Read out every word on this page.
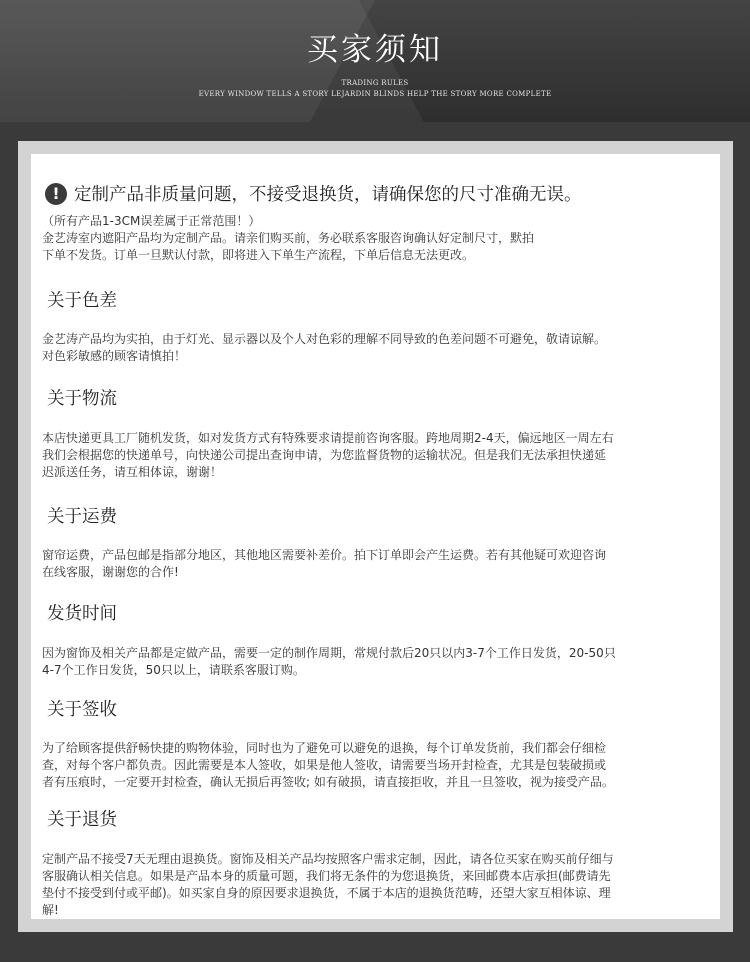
买家须知
TRADING RULES
EVERY WINDOW TELLS A STORY LEJARDIN BLINDS HELP THE STORY MORE COMPLETE
! 定制产品非质量问题，不接受退换货，请确保您的尺寸准确无误。
（所有产品1-3CM误差属于正常范围！）
金艺涛室内遮阳产品均为定制产品。请亲们购买前，务必联系客服咨询确认好定制尺寸，默拍
下单不发货。订单一旦默认付款，即将进入下单生产流程，下单后信息无法更改。
关于色差
金艺涛产品均为实拍，由于灯光、显示器以及个人对色彩的理解不同导致的色差问题不可避免，敬请谅解。
对色彩敏感的顾客请慎拍！
关于物流
本店快递更具工厂随机发货，如对发货方式有特殊要求请提前咨询客服。跨地周期2-4天，偏远地区一周左右
我们会根据您的快递单号，向快递公司提出查询申请，为您监督货物的运输状况。但是我们无法承担快递延
迟派送任务，请互相体谅，谢谢！
关于运费
窗帘运费，产品包邮是指部分地区，其他地区需要补差价。拍下订单即会产生运费。若有其他疑可欢迎咨询
在线客服，谢谢您的合作!
发货时间
因为窗饰及相关产品都是定做产品，需要一定的制作周期，常规付款后20只以内3-7个工作日发货，20-50只
4-7个工作日发货，50只以上，请联系客服订购。
关于签收
为了给顾客提供舒畅快捷的购物体验，同时也为了避免可以避免的退换，每个订单发货前，我们都会仔细检
查，对每个客户都负责。因此需要是本人签收，如果是他人签收，请需要当场开封检查，尤其是包装破损或
者有压痕时，一定要开封检查，确认无损后再签收; 如有破损，请直接拒收，并且一旦签收，视为接受产品。
关于退货
定制产品不接受7天无理由退换货。窗饰及相关产品均按照客户需求定制，因此，请各位买家在购买前仔细与
客服确认相关信息。如果是产品本身的质量可题，我们将无条件的为您退换货，来回邮费本店承担(邮费请先
垫付不接受到付或平邮)。如买家自身的原因要求退换货，不属于本店的退换货范畴，还望大家互相体谅、理
解!
